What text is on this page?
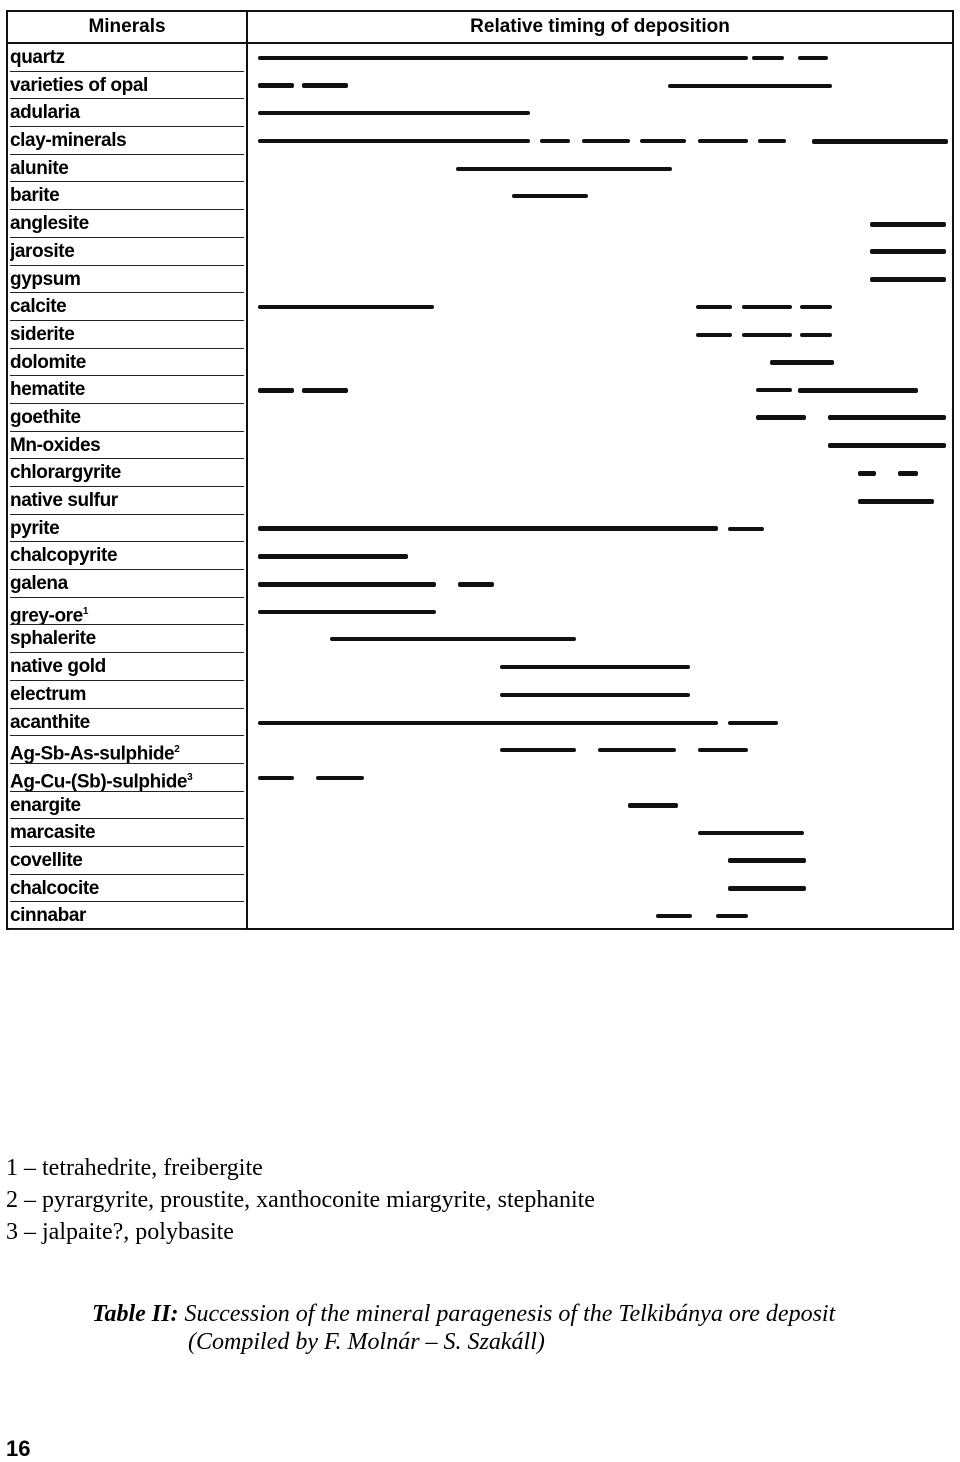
Minerals	Relative timing of deposition
quartz
varieties of opal
adularia
clay-minerals
alunite
barite
anglesite
jarosite
gypsum
calcite
siderite
dolomite
hematite
goethite
Mn-oxides
chlorargyrite
native sulfur
pyrite
chalcopyrite
galena
grey-ore$^1$
sphalerite
native gold
electrum
acanthite
Ag-Sb-As-sulphide$^2$
Ag-Cu-(Sb)-sulphide$^3$
enargite
marcasite
covellite
chalcocite
cinnabar
1 – tetrahedrite, freibergite
2 – pyrargyrite, proustite, xanthoconite miargyrite, stephanite
3 – jalpaite?, polybasite
Table II: Succession of the mineral paragenesis of the Telkibánya ore deposit
(Compiled by F. Molnár – S. Szakáll)
16
